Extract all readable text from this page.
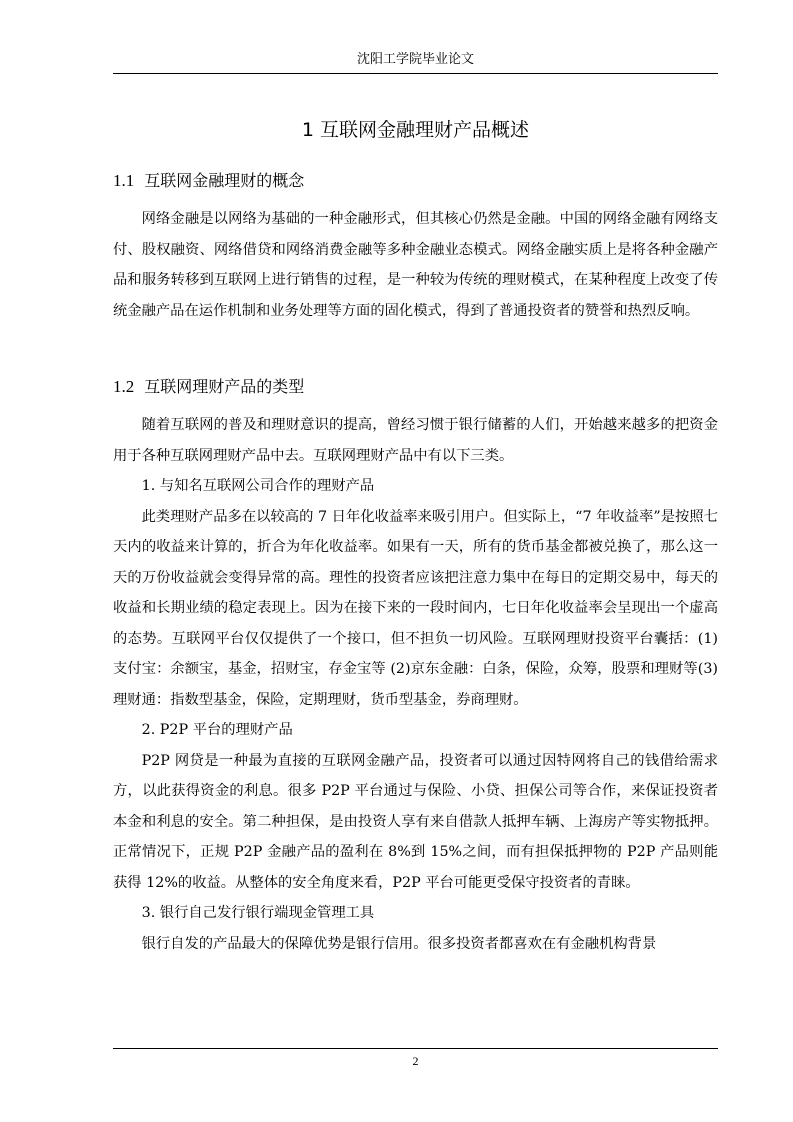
沈阳工学院毕业论文
1 互联网金融理财产品概述
1.1 互联网金融理财的概念

网络金融是以网络为基础的一种金融形式，但其核心仍然是金融。中国的网络金融有网络支付、股权融资、网络借贷和网络消费金融等多种金融业态模式。网络金融实质上是将各种金融产品和服务转移到互联网上进行销售的过程，是一种较为传统的理财模式，在某种程度上改变了传统金融产品在运作机制和业务处理等方面的固化模式，得到了普通投资者的赞誉和热烈反响。

1.2 互联网理财产品的类型

随着互联网的普及和理财意识的提高，曾经习惯于银行储蓄的人们，开始越来越多的把资金用于各种互联网理财产品中去。互联网理财产品中有以下三类。

1. 与知名互联网公司合作的理财产品

此类理财产品多在以较高的 7 日年化收益率来吸引用户。但实际上，“7 年收益率”是按照七天内的收益来计算的，折合为年化收益率。如果有一天，所有的货币基金都被兑换了，那么这一天的万份收益就会变得异常的高。理性的投资者应该把注意力集中在每日的定期交易中，每天的收益和长期业绩的稳定表现上。因为在接下来的一段时间内，七日年化收益率会呈现出一个虚高的态势。互联网平台仅仅提供了一个接口，但不担负一切风险。互联网理财投资平台囊括：(1)支付宝：余额宝，基金，招财宝，存金宝等 (2)京东金融：白条，保险，众筹，股票和理财等(3)理财通：指数型基金，保险，定期理财，货币型基金，券商理财。

2. P2P 平台的理财产品

P2P 网贷是一种最为直接的互联网金融产品，投资者可以通过因特网将自己的钱借给需求方，以此获得资金的利息。很多 P2P 平台通过与保险、小贷、担保公司等合作，来保证投资者本金和利息的安全。第二种担保，是由投资人享有来自借款人抵押车辆、上海房产等实物抵押。正常情况下，正规 P2P 金融产品的盈利在 8%到 15%之间，而有担保抵押物的 P2P 产品则能获得 12%的收益。从整体的安全角度来看，P2P 平台可能更受保守投资者的青睐。

3. 银行自己发行银行端现金管理工具

银行自发的产品最大的保障优势是银行信用。很多投资者都喜欢在有金融机构背景

2
